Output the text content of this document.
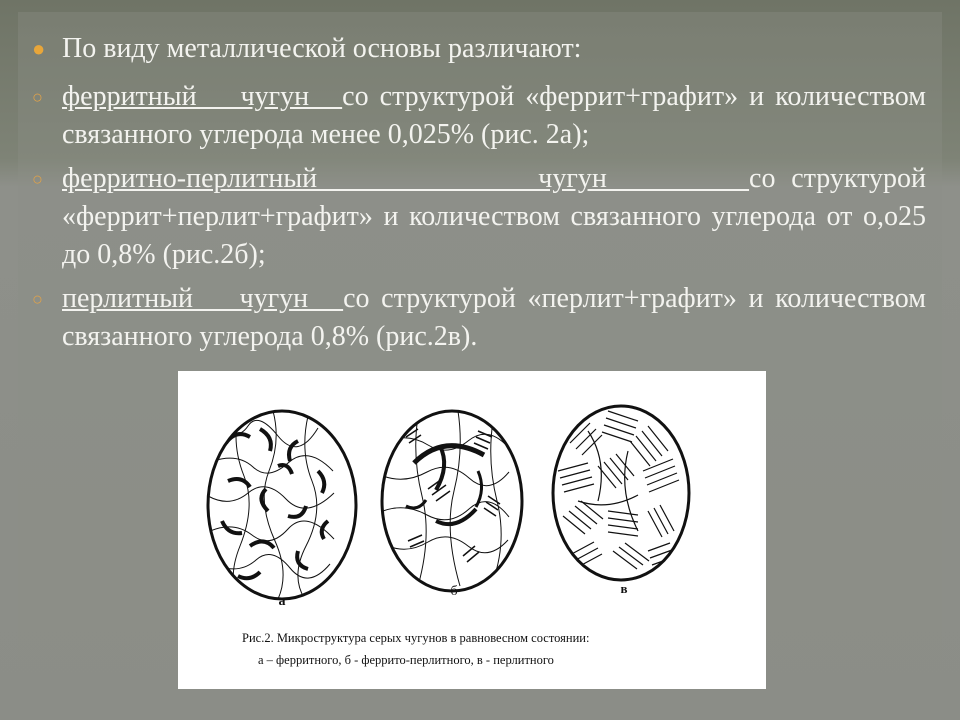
● По виду металлической основы различают:
○ ферритный    чугун   со структурой «феррит+графит» и количеством связанного углерода менее 0,025% (рис. 2а);
○ ферритно-перлитный              чугун         со структурой «феррит+перлит+графит» и количеством связанного углерода от о,о25 до 0,8% (рис.2б);
○ перлитный    чугун   со структурой «перлит+графит» и количеством связанного углерода 0,8% (рис.2в).
а
б	в
Рис.2. Микроструктура серых чугунов в равновесном состоянии:
а – ферритного, б - феррито-перлитного, в - перлитного
